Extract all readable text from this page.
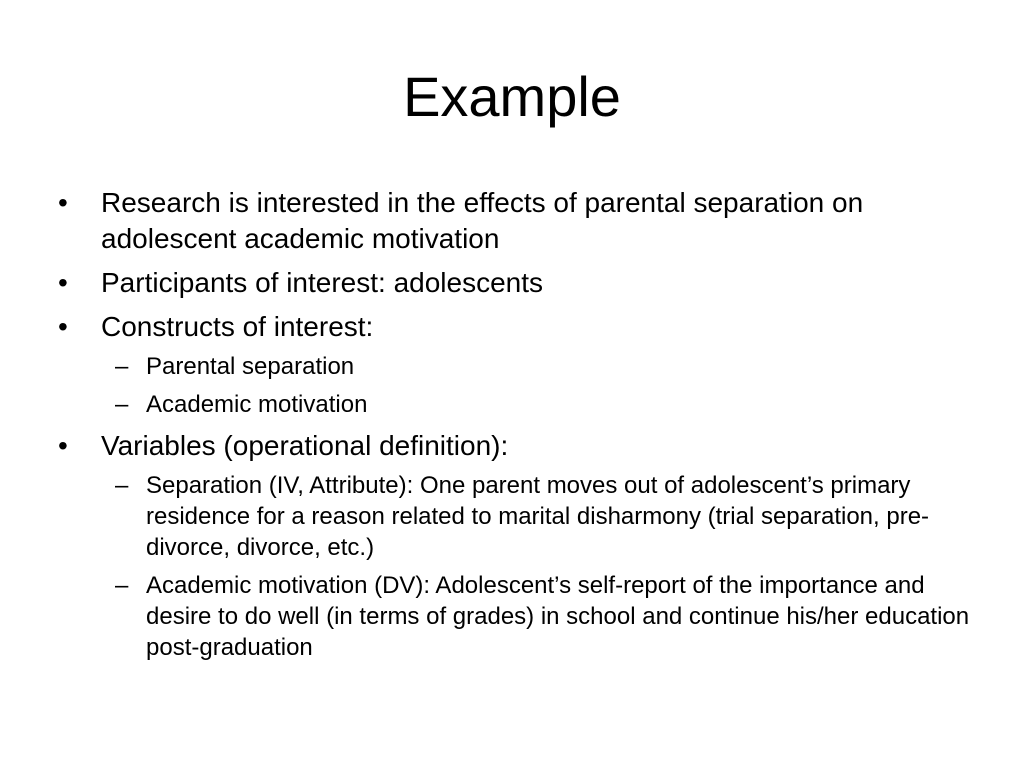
Example
•	Research is interested in the effects of parental separation on adolescent academic motivation
•	Participants of interest: adolescents
•	Constructs of interest:
– Parental separation
– Academic motivation
•	Variables (operational definition):
– Separation (IV, Attribute): One parent moves out of adolescent’s primary residence for a reason related to marital disharmony (trial separation, pre-divorce, divorce, etc.)
– Academic motivation (DV): Adolescent’s self-report of the importance and desire to do well (in terms of grades) in school and continue his/her education post-graduation
